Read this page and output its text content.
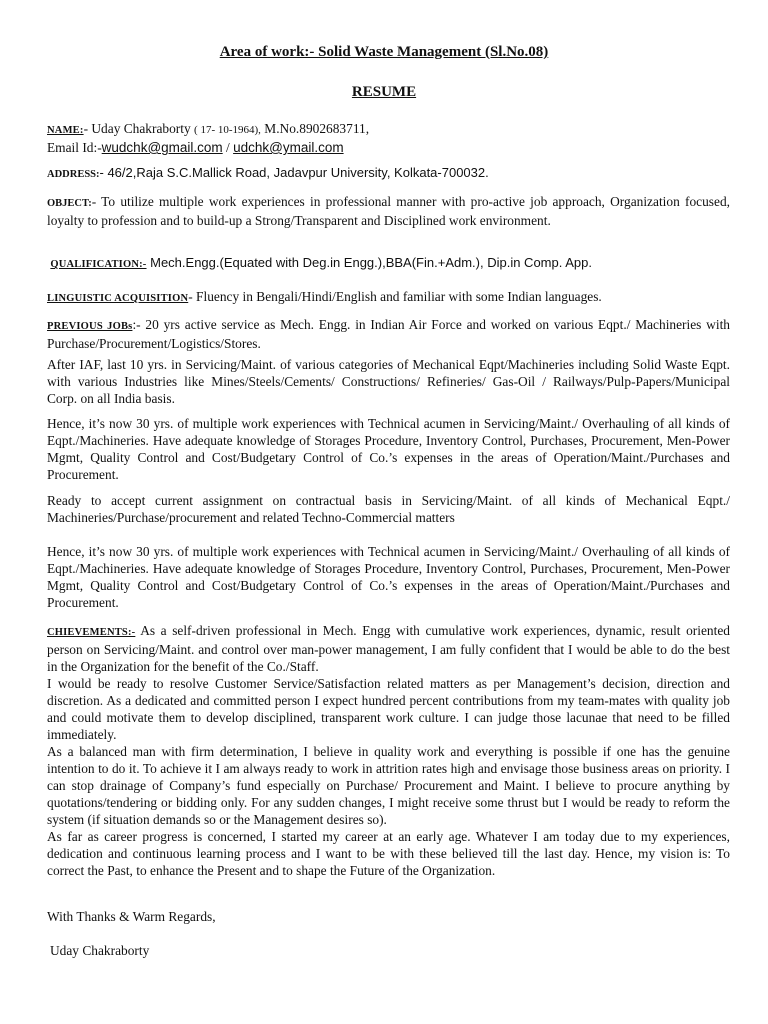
Area of work:- Solid Waste Management (Sl.No.08)
RESUME
NAME:- Uday Chakraborty ( 17- 10-1964), M.No.8902683711,
Email Id:-wudchk@gmail.com / udchk@ymail.com
ADDRESS:- 46/2,Raja S.C.Mallick Road, Jadavpur University, Kolkata-700032.
OBJECT:- To utilize multiple work experiences in professional manner with pro-active job approach, Organization focused, loyalty to profession and to build-up a Strong/Transparent and Disciplined work environment.
QUALIFICATION:- Mech.Engg.(Equated with Deg.in Engg.),BBA(Fin.+Adm.), Dip.in Comp. App.
LINGUISTIC ACQUISITION- Fluency in Bengali/Hindi/English and familiar with some Indian languages.
PREVIOUS JOBs:- 20 yrs active service as Mech. Engg. in Indian Air Force and worked on various Eqpt./ Machineries with Purchase/Procurement/Logistics/Stores.
After IAF, last 10 yrs. in Servicing/Maint. of various categories of Mechanical Eqpt/Machineries including Solid Waste Eqpt. with various Industries like Mines/Steels/Cements/ Constructions/ Refineries/ Gas-Oil / Railways/Pulp-Papers/Municipal Corp. on all India basis.
Hence, it’s now 30 yrs. of multiple work experiences with Technical acumen in Servicing/Maint./ Overhauling of all kinds of Eqpt./Machineries. Have adequate knowledge of Storages Procedure, Inventory Control, Purchases, Procurement, Men-Power Mgmt, Quality Control and Cost/Budgetary Control of Co.’s expenses in the areas of Operation/Maint./Purchases and Procurement.
Ready to accept current assignment on contractual basis in Servicing/Maint. of all kinds of Mechanical Eqpt./ Machineries/Purchase/procurement and related Techno-Commercial matters
Hence, it’s now 30 yrs. of multiple work experiences with Technical acumen in Servicing/Maint./ Overhauling of all kinds of Eqpt./Machineries. Have adequate knowledge of Storages Procedure, Inventory Control, Purchases, Procurement, Men-Power Mgmt, Quality Control and Cost/Budgetary Control of Co.’s expenses in the areas of Operation/Maint./Purchases and Procurement.

CHIEVEMENTS:- As a self-driven professional in Mech. Engg with cumulative work experiences, dynamic, result oriented person on Servicing/Maint. and control over man-power management, I am fully confident that I would be able to do the best in the Organization for the benefit of the Co./Staff.

I would be ready to resolve Customer Service/Satisfaction related matters as per Management’s decision, direction and discretion. As a dedicated and committed person I expect hundred percent contributions from my team-mates with quality job and could motivate them to develop disciplined, transparent work culture. I can judge those lacunae that need to be filled immediately.

As a balanced man with firm determination, I believe in quality work and everything is possible if one has the genuine intention to do it. To achieve it I am always ready to work in attrition rates high and envisage those business areas on priority. I can stop drainage of Company’s fund especially on Purchase/ Procurement and Maint. I believe to procure anything by quotations/tendering or bidding only. For any sudden changes, I might receive some thrust but I would be ready to reform the system (if situation demands so or the Management desires so).

As far as career progress is concerned, I started my career at an early age. Whatever I am today due to my experiences, dedication and continuous learning process and I want to be with these believed till the last day. Hence, my vision is: To correct the Past, to enhance the Present and to shape the Future of the Organization.

With Thanks & Warm Regards,
Uday Chakraborty
